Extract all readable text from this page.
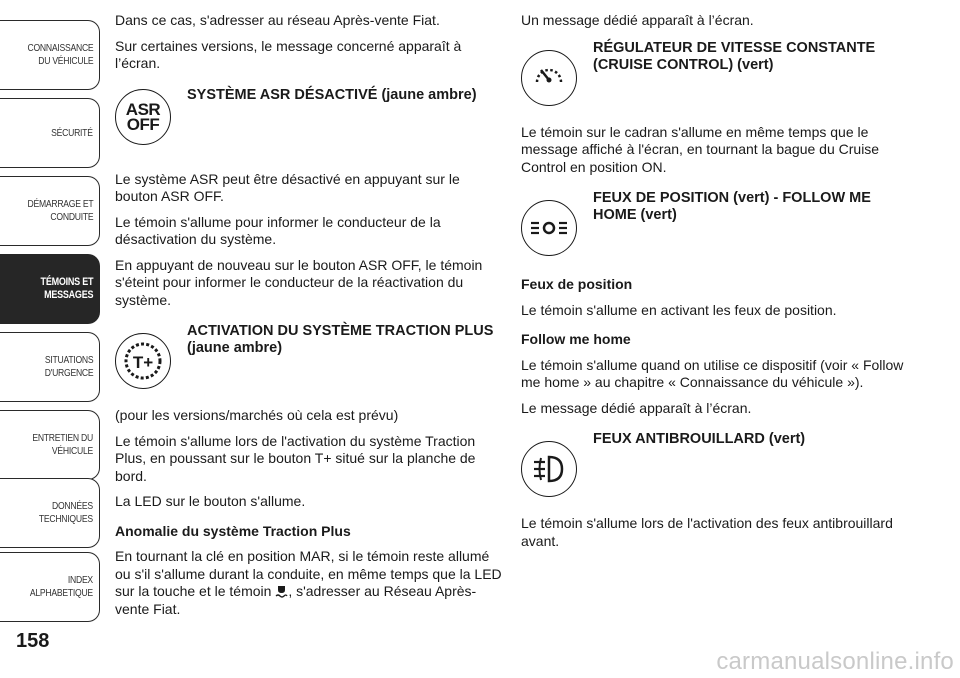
CONNAISSANCE
DU VÉHICULE
SÉCURITÉ
DÉMARRAGE ET
CONDUITE
TÉMOINS ET
MESSAGES
SITUATIONS
D'URGENCE
ENTRETIEN DU
VÉHICULE
DONNÉES
TECHNIQUES
INDEX
ALPHABETIQUE
158

Dans ce cas, s'adresser au réseau Après-vente Fiat.

Sur certaines versions, le message concerné apparaît à l’écran.

ASR
OFF
SYSTÈME ASR DÉSACTIVÉ (jaune ambre)

Le système ASR peut être désactivé en appuyant sur le bouton ASR OFF.

Le témoin s'allume pour informer le conducteur de la désactivation du système.

En appuyant de nouveau sur le bouton ASR OFF, le témoin s'éteint pour informer le conducteur de la réactivation du système.

T+
ACTIVATION DU SYSTÈME TRACTION PLUS (jaune ambre)

(pour les versions/marchés où cela est prévu)

Le témoin s'allume lors de l'activation du système Traction Plus, en poussant sur le bouton T+ situé sur la planche de bord.

La LED sur le bouton s'allume.

Anomalie du système Traction Plus

En tournant la clé en position MAR, si le témoin reste allumé ou s'il s'allume durant la conduite, en même temps que la LED sur la touche et le témoin , s'adresser au Réseau Après-vente Fiat.

Un message dédié apparaît à l’écran.

RÉGULATEUR DE VITESSE CONSTANTE (CRUISE CONTROL) (vert)

Le témoin sur le cadran s'allume en même temps que le message affiché à l'écran, en tournant la bague du Cruise Control en position ON.

FEUX DE POSITION (vert) - FOLLOW ME HOME (vert)

Feux de position

Le témoin s'allume en activant les feux de position.

Follow me home

Le témoin s'allume quand on utilise ce dispositif (voir « Follow me home » au chapitre « Connaissance du véhicule »).

Le message dédié apparaît à l’écran.

FEUX ANTIBROUILLARD (vert)

Le témoin s'allume lors de l'activation des feux antibrouillard avant.

carmanualsonline.info
